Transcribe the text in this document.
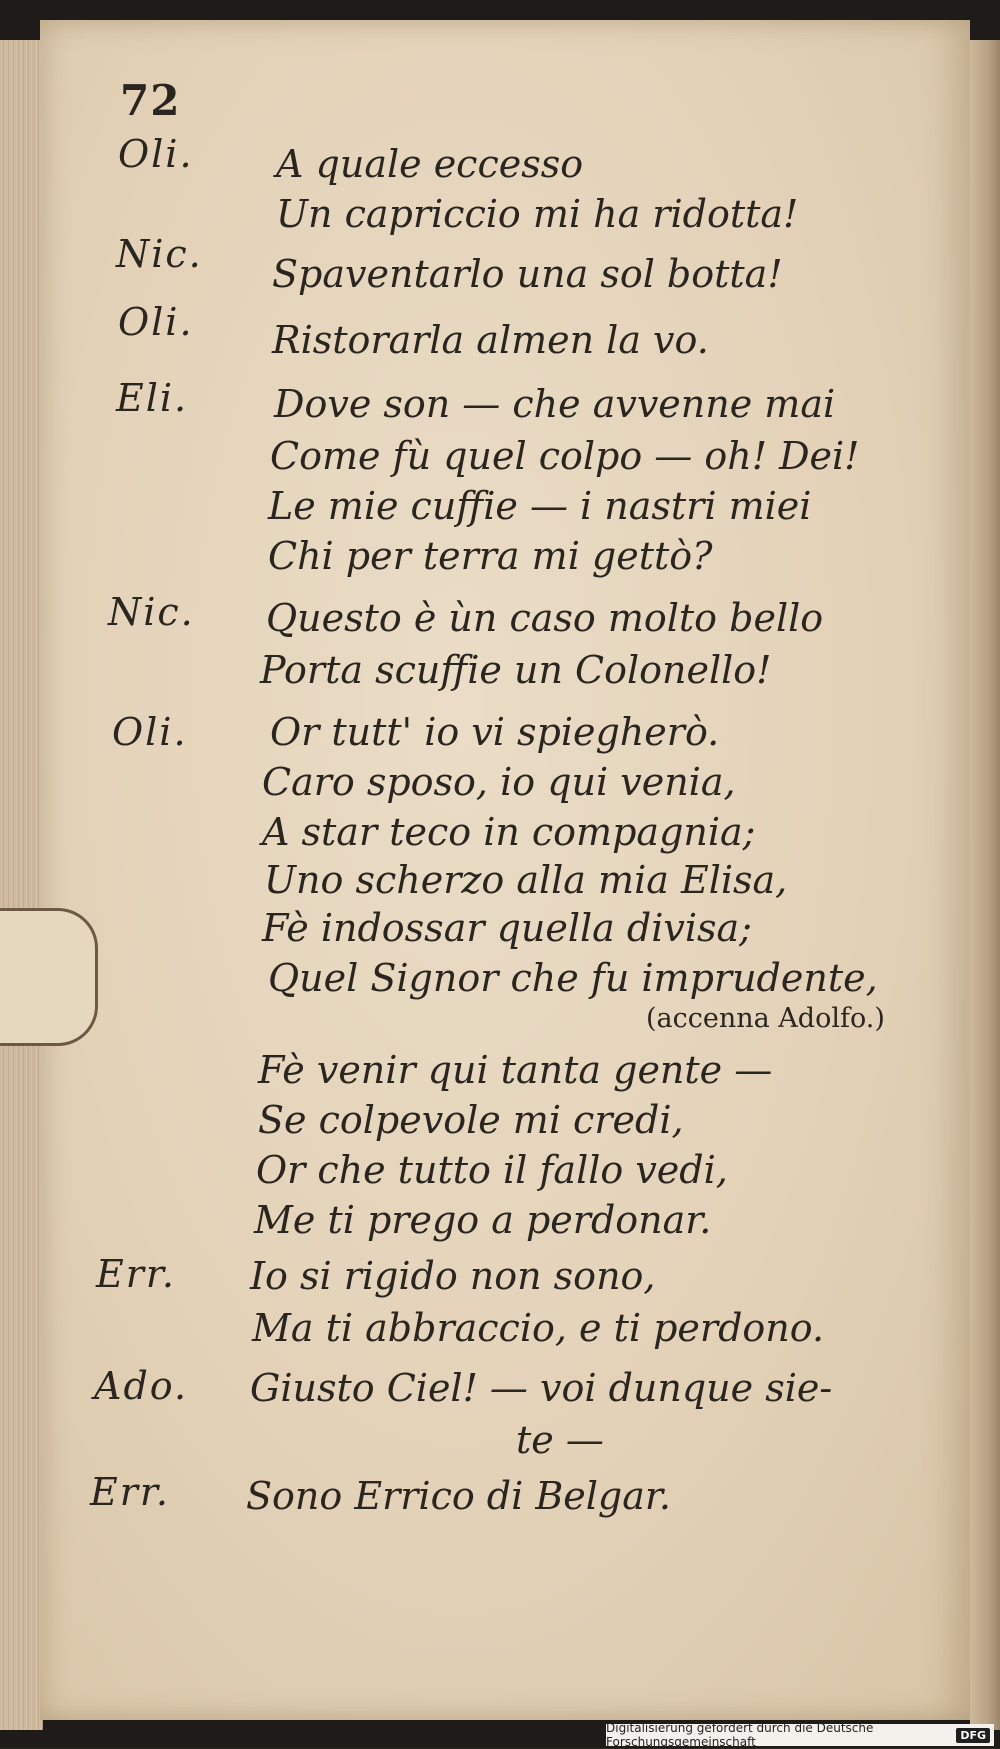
72
Oli.
Nic.
Oli.
Eli.
Nic.
Oli.
Err.
Ado.
Err.
A quale eccesso
Un capriccio mi ha ridotta!
Spaventarlo una sol botta!
Ristorarla almen la vo.
Dove son — che avvenne mai
Come fù quel colpo — oh! Dei!
Le mie cuffie — i nastri miei
Chi per terra mi gettò?
Questo è ùn caso molto bello
Porta scuffie un Colonello!
Or tutt' io vi spiegherò.
Caro sposo, io qui venia,
A star teco in compagnia;
Uno scherzo alla mia Elisa,
Fè indossar quella divisa;
Quel Signor che fu imprudente,
(accenna Adolfo.)
Fè venir qui tanta gente —
Se colpevole mi credi,
Or che tutto il fallo vedi,
Me ti prego a perdonar.
Io si rigido non sono,
Ma ti abbraccio, e ti perdono.
Giusto Ciel! — voi dunque sie-
te —
Sono Errico di Belgar.
Digitalisierung gefördert durch die Deutsche Forschungsgemeinschaft	DFG
